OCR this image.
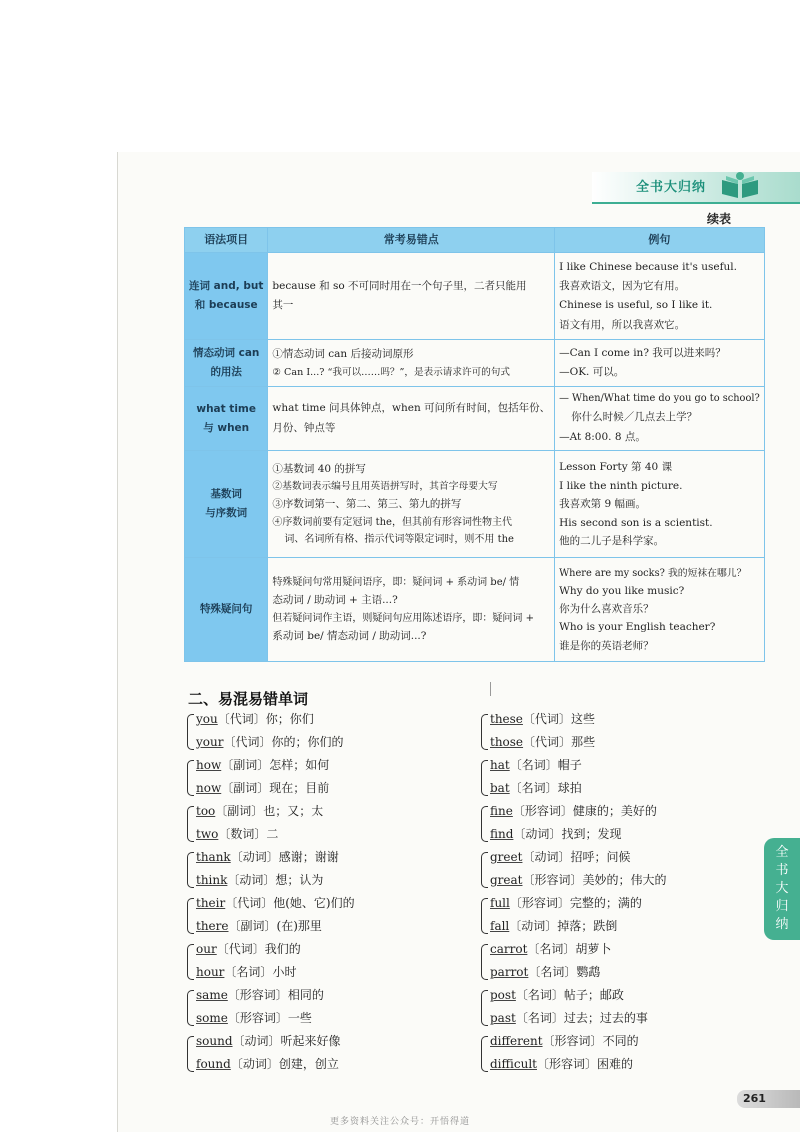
全书大归纳
续表
语法项目	常考易错点	例句

连词 and, but
和 because	because 和 so 不可同时用在一个句子里，二者只能用
其一	I like Chinese because it's useful.
我喜欢语文，因为它有用。
Chinese is useful, so I like it.
语文有用，所以我喜欢它。

情态动词 can
的用法	①情态动词 can 后接动词原形
② Can I...? “我可以……吗？”，是表示请求许可的句式	—Can I come in? 我可以进来吗？
—OK. 可以。

what time
与 when	what time 问具体钟点，when 可问所有时间，包括年份、
月份、钟点等	— When/What time do you go to school?
你什么时候／几点去上学？
—At 8:00. 8 点。

基数词
与序数词	①基数词 40 的拼写
②基数词表示编号且用英语拼写时，其首字母要大写
③序数词第一、第二、第三、第九的拼写
④序数词前要有定冠词 the，但其前有形容词性物主代
词、名词所有格、指示代词等限定词时，则不用 the	Lesson Forty 第 40 课
I like the ninth picture.
我喜欢第 9 幅画。
His second son is a scientist.
他的二儿子是科学家。

特殊疑问句	特殊疑问句常用疑问语序，即：疑问词 + 系动词 be/ 情
态动词 / 助动词 + 主语...?
但若疑问词作主语，则疑问句应用陈述语序，即：疑问词 +
系动词 be/ 情态动词 / 助动词...?	Where are my socks? 我的短袜在哪儿？
Why do you like music?
你为什么喜欢音乐？
Who is your English teacher?
谁是你的英语老师？
二、易混易错单词
you〔代词〕你；你们
your〔代词〕你的；你们的
how〔副词〕怎样；如何
now〔副词〕现在；目前
too〔副词〕也；又；太
two〔数词〕二
thank〔动词〕感谢；谢谢
think〔动词〕想；认为
their〔代词〕他(她、它)们的
there〔副词〕(在)那里
our〔代词〕我们的
hour〔名词〕小时
same〔形容词〕相同的
some〔形容词〕一些
sound〔动词〕听起来好像
found〔动词〕创建，创立
these〔代词〕这些
those〔代词〕那些
hat〔名词〕帽子
bat〔名词〕球拍
fine〔形容词〕健康的；美好的
find〔动词〕找到；发现
greet〔动词〕招呼；问候
great〔形容词〕美妙的；伟大的
full〔形容词〕完整的；满的
fall〔动词〕掉落；跌倒
carrot〔名词〕胡萝卜
parrot〔名词〕鹦鹉
post〔名词〕帖子；邮政
past〔名词〕过去；过去的事
different〔形容词〕不同的
difficult〔形容词〕困难的
全
书
大
归
纳
261
更多资料关注公众号：开悟得道
